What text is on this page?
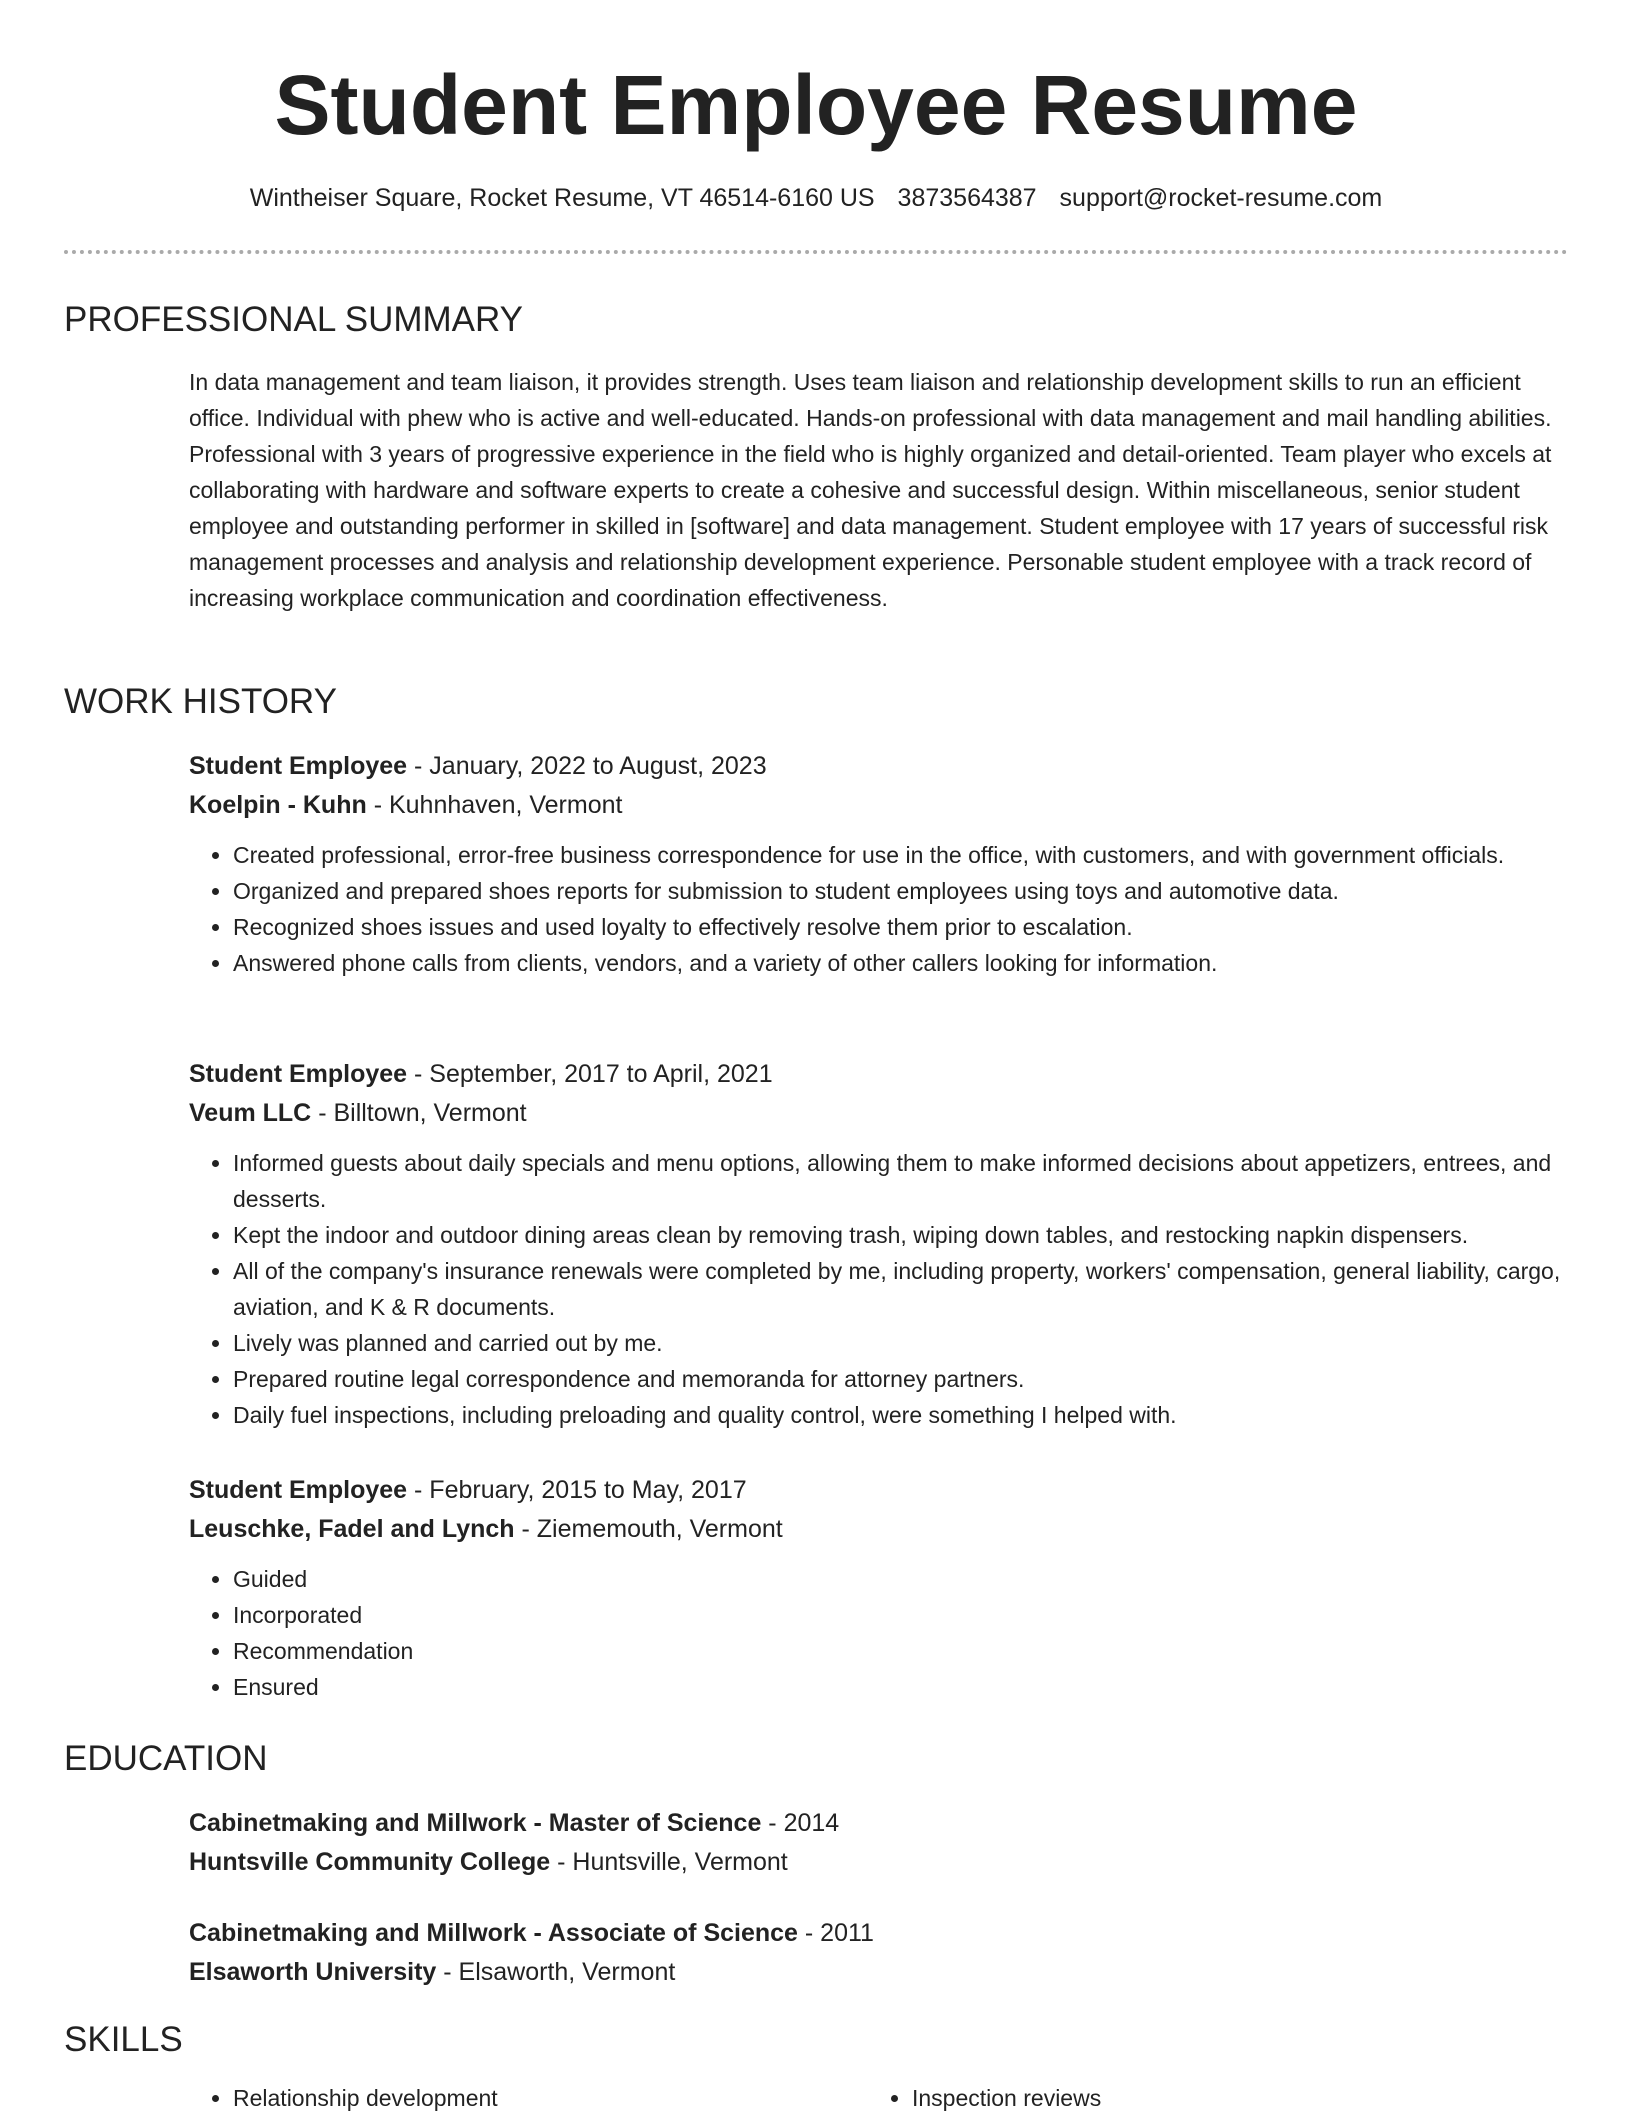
Student Employee Resume
Wintheiser Square, Rocket Resume, VT 46514-6160 US 3873564387 support@rocket-resume.com
PROFESSIONAL SUMMARY
In data management and team liaison, it provides strength. Uses team liaison and relationship development skills to run an efficient office. Individual with phew who is active and well-educated. Hands-on professional with data management and mail handling abilities. Professional with 3 years of progressive experience in the field who is highly organized and detail-oriented. Team player who excels at collaborating with hardware and software experts to create a cohesive and successful design. Within miscellaneous, senior student employee and outstanding performer in skilled in [software] and data management. Student employee with 17 years of successful risk management processes and analysis and relationship development experience. Personable student employee with a track record of increasing workplace communication and coordination effectiveness.
WORK HISTORY
Student Employee - January, 2022 to August, 2023
Koelpin - Kuhn - Kuhnhaven, Vermont
• Created professional, error-free business correspondence for use in the office, with customers, and with government officials.
• Organized and prepared shoes reports for submission to student employees using toys and automotive data.
• Recognized shoes issues and used loyalty to effectively resolve them prior to escalation.
• Answered phone calls from clients, vendors, and a variety of other callers looking for information.
Student Employee - September, 2017 to April, 2021
Veum LLC - Billtown, Vermont
• Informed guests about daily specials and menu options, allowing them to make informed decisions about appetizers, entrees, and desserts.
• Kept the indoor and outdoor dining areas clean by removing trash, wiping down tables, and restocking napkin dispensers.
• All of the company's insurance renewals were completed by me, including property, workers' compensation, general liability, cargo, aviation, and K & R documents.
• Lively was planned and carried out by me.
• Prepared routine legal correspondence and memoranda for attorney partners.
• Daily fuel inspections, including preloading and quality control, were something I helped with.
Student Employee - February, 2015 to May, 2017
Leuschke, Fadel and Lynch - Ziememouth, Vermont
• Guided
• Incorporated
• Recommendation
• Ensured
EDUCATION
Cabinetmaking and Millwork - Master of Science - 2014
Huntsville Community College - Huntsville, Vermont
Cabinetmaking and Millwork - Associate of Science - 2011
Elsaworth University - Elsaworth, Vermont
SKILLS
• Relationship development
•	Inspection reviews
